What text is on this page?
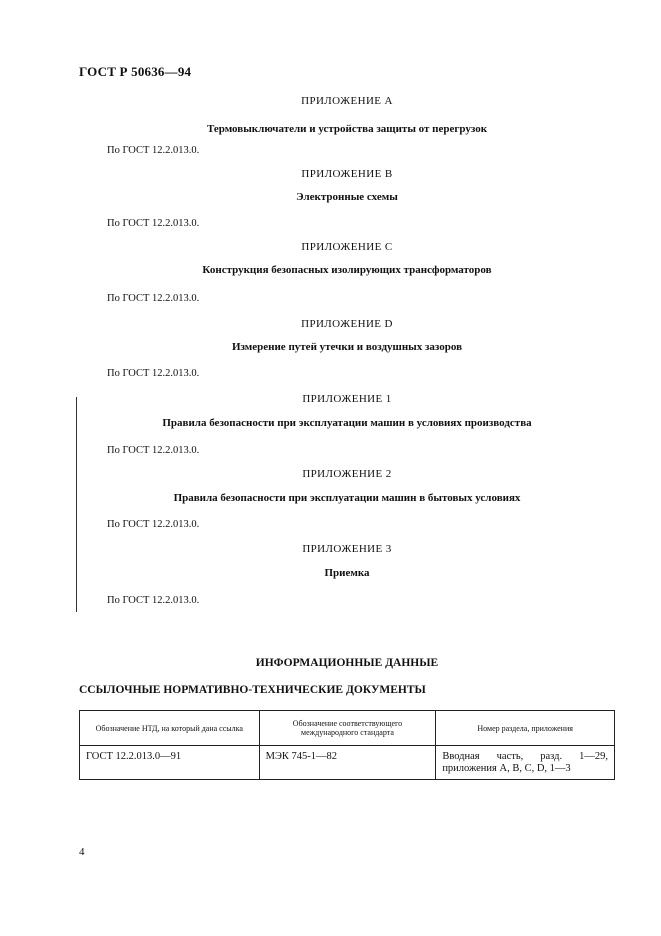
ГОСТ Р 50636—94
ПРИЛОЖЕНИЕ А
Термовыключатели и устройства защиты от перегрузок
По ГОСТ 12.2.013.0.
ПРИЛОЖЕНИЕ В
Электронные схемы
По ГОСТ 12.2.013.0.
ПРИЛОЖЕНИЕ С
Конструкция безопасных изолирующих трансформаторов
По ГОСТ 12.2.013.0.
ПРИЛОЖЕНИЕ D
Измерение путей утечки и воздушных зазоров
По ГОСТ 12.2.013.0.
ПРИЛОЖЕНИЕ 1
Правила безопасности при эксплуатации машин в условиях производства
По ГОСТ 12.2.013.0.
ПРИЛОЖЕНИЕ 2
Правила безопасности при эксплуатации машин в бытовых условиях
По ГОСТ 12.2.013.0.
ПРИЛОЖЕНИЕ 3
Приемка
По ГОСТ 12.2.013.0.
ИНФОРМАЦИОННЫЕ ДАННЫЕ
ССЫЛОЧНЫЕ НОРМАТИВНО-ТЕХНИЧЕСКИЕ ДОКУМЕНТЫ
Обозначение НТД, на который дана ссылка	Обозначение соответствующего международного стандарта	Номер раздела, приложения
ГОСТ 12.2.013.0—91	МЭК 745-1—82	Вводная часть, разд. 1—29, приложения А, В, С, D, 1—3
4
